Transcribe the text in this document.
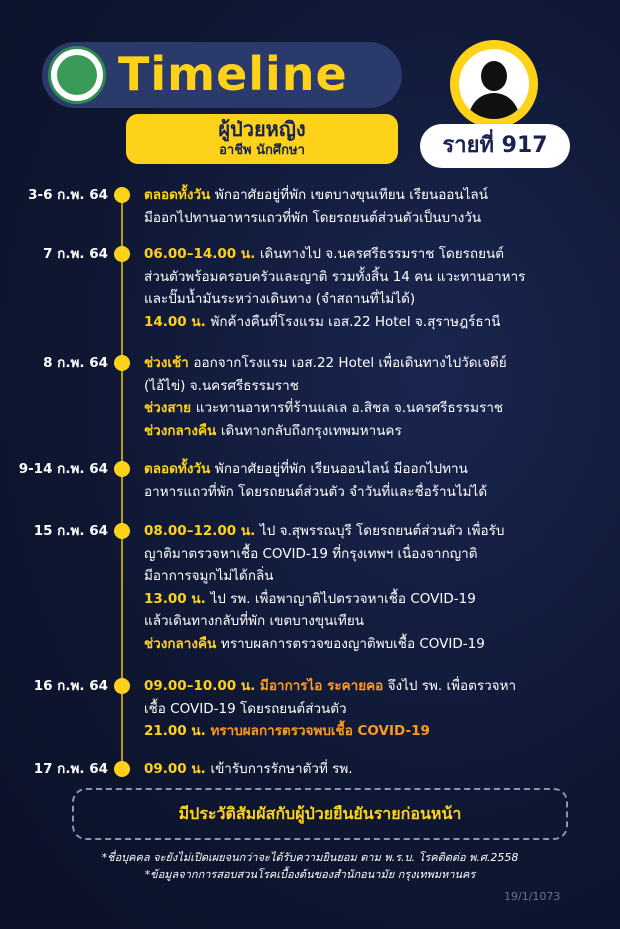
Timeline
ผู้ป่วยหญิง
อาชีพ นักศึกษา	รายที่ 917
3-6 ก.พ. 64	ตลอดทั้งวัน พักอาศัยอยู่ที่พัก เขตบางขุนเทียน เรียนออนไลน์
มีออกไปทานอาหารแถวที่พัก โดยรถยนต์ส่วนตัวเป็นบางวัน
7 ก.พ. 64	06.00–14.00 น. เดินทางไป จ.นครศรีธรรมราช โดยรถยนต์
ส่วนตัวพร้อมครอบครัวและญาติ รวมทั้งสิ้น 14 คน แวะทานอาหาร
และปั๊มน้ำมันระหว่างเดินทาง (จำสถานที่ไม่ได้)
14.00 น. พักค้างคืนที่โรงแรม เอส.22 Hotel จ.สุราษฎร์ธานี
8 ก.พ. 64	ช่วงเช้า ออกจากโรงแรม เอส.22 Hotel เพื่อเดินทางไปวัดเจดีย์
(ไอ้ไข่) จ.นครศรีธรรมราช
ช่วงสาย แวะทานอาหารที่ร้านแลเล อ.สิชล จ.นครศรีธรรมราช
ช่วงกลางคืน เดินทางกลับถึงกรุงเทพมหานคร
9-14 ก.พ. 64	ตลอดทั้งวัน พักอาศัยอยู่ที่พัก เรียนออนไลน์ มีออกไปทาน
อาหารแถวที่พัก โดยรถยนต์ส่วนตัว จำวันที่และชื่อร้านไม่ได้
15 ก.พ. 64	08.00–12.00 น. ไป จ.สุพรรณบุรี โดยรถยนต์ส่วนตัว เพื่อรับ
ญาติมาตรวจหาเชื้อ COVID-19 ที่กรุงเทพฯ เนื่องจากญาติ
มีอาการจมูกไม่ได้กลิ่น
13.00 น. ไป รพ. เพื่อพาญาติไปตรวจหาเชื้อ COVID-19
แล้วเดินทางกลับที่พัก เขตบางขุนเทียน
ช่วงกลางคืน ทราบผลการตรวจของญาติพบเชื้อ COVID-19
16 ก.พ. 64	09.00–10.00 น. มีอาการไอ ระคายคอ จึงไป รพ. เพื่อตรวจหา
เชื้อ COVID-19 โดยรถยนต์ส่วนตัว
21.00 น. ทราบผลการตรวจพบเชื้อ COVID-19
17 ก.พ. 64	09.00 น. เข้ารับการรักษาตัวที่ รพ.
มีประวัติสัมผัสกับผู้ป่วยยืนยันรายก่อนหน้า
*ชื่อบุคคล จะยังไม่เปิดเผยจนกว่าจะได้รับความยินยอม ตาม พ.ร.บ. โรคติดต่อ พ.ศ.2558
*ข้อมูลจากการสอบสวนโรคเบื้องต้นของสำนักอนามัย กรุงเทพมหานคร
19/1/1073
